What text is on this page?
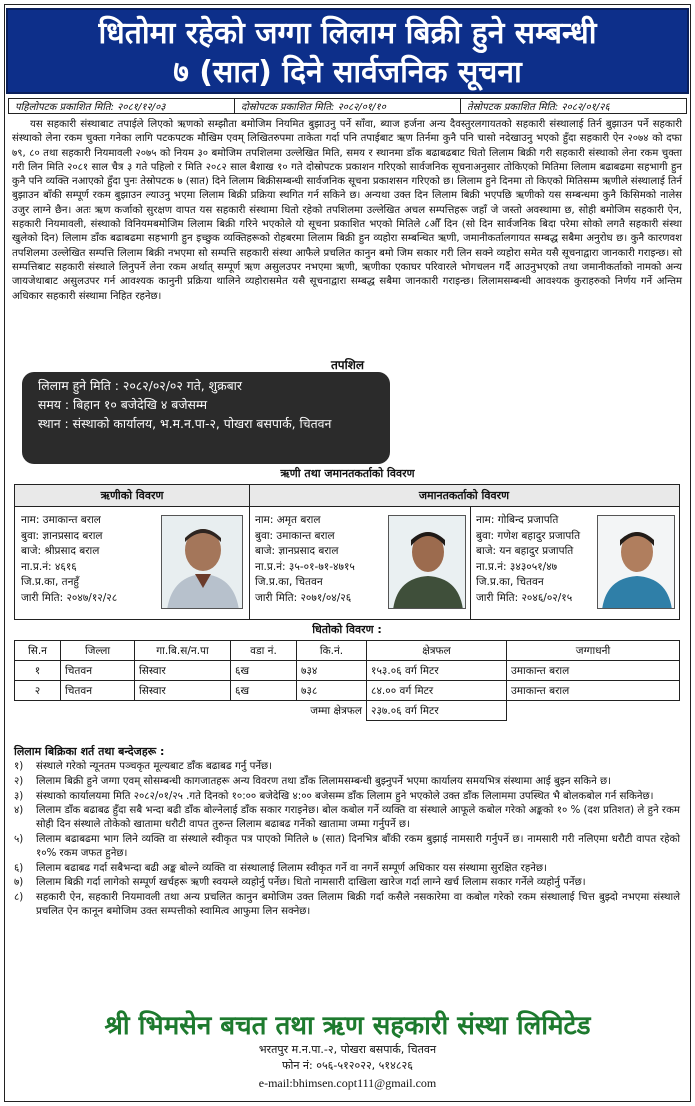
धितोमा रहेको जग्गा लिलाम बिक्री हुने सम्बन्धी
७ (सात) दिने सार्वजनिक सूचना
पहिलोपटक प्रकाशित मिति: २०८१/१२/०३	दोस्रोपटक प्रकाशित मिति: २०८२/०१/१०	तेस्रोपटक प्रकाशित मिति: २०८२/०१/२६
यस सहकारी संस्थाबाट तपाईले लिएको ऋणको सम्झौता बमोजिम नियमित बुझाउनु पर्ने साँवा, ब्याज हर्जना अन्य दैवस्तुरलगायतको सहकारी संस्थालाई तिर्न बुझाउन पर्ने सहकारी संस्थाको लेना रकम चुक्ता गनेका लागि पटकपटक मौखिम एवम् लिखितरुपमा ताकेता गर्दा पनि तपाईबाट ऋण तिर्नमा कुनै पनि चासो नदेखाउनु भएको हुँदा सहकारी ऐन २०७४ को दफा ७९, ८० तथा सहकारी नियमावली २०७५ को नियम ३० बमोजिम तपशिलमा उल्लेखित मिति, समय र स्थानमा डाँक बढाबढबाट धितो लिलाम बिक्री गरी सहकारी संस्थाको लेना रकम चुक्ता गरी लिन मिति २०८१ साल चैत्र ३ गते पहिलो र मिति २०८२ साल बैशाख १० गते दोस्रोपटक प्रकाशन गरिएको सार्वजनिक सूचनाअनुसार तोकिएको मितिमा लिलाम बढाबढमा सहभागी हुन कुनै पनि व्यक्ति नआएको हुँदा पुनः तेस्रोपटक ७ (सात) दिने लिलाम बिक्रीसम्बन्धी सार्वजनिक सूचना प्रकाशसन गरिएको छ। लिलाम हुने दिनमा तो किएको मितिसम्म ऋणीले संस्थालाई तिर्न बुझाउन बाँकी सम्पूर्ण रकम बुझाउन ल्याउनु भएमा लिलाम बिक्री प्रक्रिया स्थगित गर्न सकिने छ। अन्यथा उक्त दिन लिलाम बिक्री भएपछि ऋणीको यस सम्बन्धमा कुनै किसिमको नालेस उजुर लाग्ने छैन। अतः ऋण कर्जाको सुरक्षण वापत यस सहकारी संस्थामा धितो रहेको तपशिलमा उल्लेखित अचल सम्पत्तिहरू जहाँ जे जस्तो अवस्थामा छ, सोही बमोजिम सहकारी ऐन, सहकारी नियमावली, संस्थाको विनियमबमोजिम लिलाम बिक्री गरिने भएकोले यो सूचना प्रकाशित भएको मितिले ८औँ दिन (सो दिन सार्वजनिक बिदा परेमा सोको लगतै सहकारी संस्था खुलेको दिन) लिलाम डाँक बढाबढमा सहभागी हुन इच्छुक व्यक्तिहरूको रोहबरमा लिलाम बिक्री हुन व्यहोरा सम्बन्धित ऋणी, जमानीकर्तालगायत सम्बद्ध सबैमा अनुरोध छ। कुनै कारणवश तपशिलमा उल्लेखित सम्पत्ति लिलाम बिक्री नभएमा सो सम्पत्ति सहकारी संस्था आफैले प्रचलित कानुन बमो जिम सकार गरी लिन सक्ने व्यहोरा समेत यसै सूचनाद्वारा जानकारी गराइन्छ। सो सम्पत्तिबाट सहकारी संस्थाले लिनुपर्ने लेना रकम अर्थात् सम्पूर्ण ऋण असुलउपर नभएमा ऋणी, ऋणीका एकाघर परिवारले भोगचलन गर्दै आउनुभएको तथा जमानीकर्ताको नामको अन्य जायजेथाबाट असुलउपर गर्न आवश्यक कानुनी प्रक्रिया थालिने व्यहोरासमेत यसै सूचनाद्वारा सम्बद्ध सबैमा जानकारी गराइन्छ। लिलामसम्बन्धी आवश्यक कुराहरुको निर्णय गर्ने अन्तिम अधिकार सहकारी संस्थामा निहित रहनेछ।
तपशिल
लिलाम हुने मिति : २०८२/०२/०२ गते, शुक्रबार
समय : बिहान १० बजेदेखि ४ बजेसम्म
स्थान : संस्थाको कार्यालय, भ.म.न.पा-२, पोखरा बसपार्क, चितवन
ऋणी तथा जमानतकर्ताको विवरण
ऋणीको विवरण	जमानतकर्ताको विवरण
नाम: उमाकान्त बराल
बुवा: ज्ञानप्रसाद बराल
बाजे: श्रीप्रसाद बराल
ना.प्र.नं: ४६१६
जि.प्र.का, तनहुँ
जारी मिति: २०४७/१२/२८
नाम: अमृत बराल
बुवा: उमाकान्त बराल
बाजे: ज्ञानप्रसाद बराल
ना.प्र.नं: ३५-०१-७१-४७१५
जि.प्र.का, चितवन
जारी मिति: २०७१/०४/२६
नाम: गोबिन्द प्रजापति
बुवा: गणेश बहादुर प्रजापति
बाजे: यन बहादुर प्रजापति
ना.प्र.नं: ३४३०५१/४७
जि.प्र.का, चितवन
जारी मिति: २०४६/०२/१५
धितोको विवरण :
सि.न	जिल्ला	गा.बि.स/न.पा	वडा नं.	कि.नं.	क्षेत्रफल	जग्गाधनी
१	चितवन	सिस्वार	६ख	७३४	१५३.०६ वर्ग मिटर	उमाकान्त बराल
२	चितवन	सिस्वार	६ख	७३८	८४.०० वर्ग मिटर	उमाकान्त बराल
जम्मा क्षेत्रफल					२३७.०६ वर्ग मिटर	
लिलाम बिक्रिका शर्त तथा बन्देजहरू :
१)	संस्थाले गरेको न्यूनतम पञ्चकृत मूल्यबाट डाँक बढाबढ गर्नु पर्नेछ।
२)	लिलाम बिक्री हुने जग्गा एवम् सोसम्बन्धी कागजातहरू अन्य विवरण तथा डाँक लिलामसम्बन्धी बुझ्नुपर्ने भएमा कार्यालय समयभित्र संस्थामा आई बुझ्न सकिने छ।
३)	संस्थाको कार्यालयमा मिति २०८२/०१/२५ .गते दिनको १०:०० बजेदेखि ४:०० बजेसम्म डाँक लिलाम हुने भएकोले उक्त डाँक लिलाममा उपस्थित भै बोलकबोल गर्न सकिनेछ।
४)	लिलाम डाँक बढाबढ हुँदा सबै भन्दा बढी डाँक बोल्नेलाई डाँक सकार गराइनेछ। बोल कबोल गर्ने व्यक्ति वा संस्थाले आफूले कबोल गरेको अङ्कको १० % (दश प्रतिशत) ले हुने रकम सोही दिन संस्थाले तोकेको खातामा धरौटी वापत तुरुन्त लिलाम बढाबढ गर्नेको खातामा जम्मा गर्नुपर्ने छ।
५)	लिलाम बढाबढमा भाग लिने व्यक्ति वा संस्थाले स्वीकृत पत्र पाएको मितिले ७ (सात) दिनभित्र बाँकी रकम बुझाई नामसारी गर्नुपर्ने छ। नामसारी गरी नलिएमा धरौटी वापत रहेको १०% रकम जफत हुनेछ।
६)	लिलाम बढाबढ गर्दा सबैभन्दा बढी अङ्क बोल्ने व्यक्ति वा संस्थालाई लिलाम स्वीकृत गर्ने वा नगर्ने सम्पूर्ण अधिकार यस संस्थामा सुरक्षित रहनेछ।
७)	लिलाम बिक्री गर्दा लागेको सम्पूर्ण खर्चहरू ऋणी स्वयम्ले व्यहोर्नु पर्नेछ। धितो नामसारी दाखिला खारेज गर्दा लाग्ने खर्च लिलाम सकार गर्नेले व्यहोर्नु पर्नेछ।
८)	सहकारी ऐन, सहकारी नियमावली तथा अन्य प्रचलित कानुन बमोजिम उक्त लिलाम बिक्री गर्दा कसैले नसकारेमा वा कबोल गरेको रकम संस्थालाई चित्त बुझ्दो नभएमा संस्थाले प्रचलित ऐन कानून बमोजिम उक्त सम्पत्तीको स्वामित्व आफुमा लिन सक्नेछ।
श्री भिमसेन बचत तथा ऋण सहकारी संस्था लिमिटेड
भरतपुर म.न.पा.-२, पोखरा बसपार्क, चितवन
फोन नं: ०५६-५१२०२२, ५१४८२६
e-mail:bhimsen.copt111@gmail.com
